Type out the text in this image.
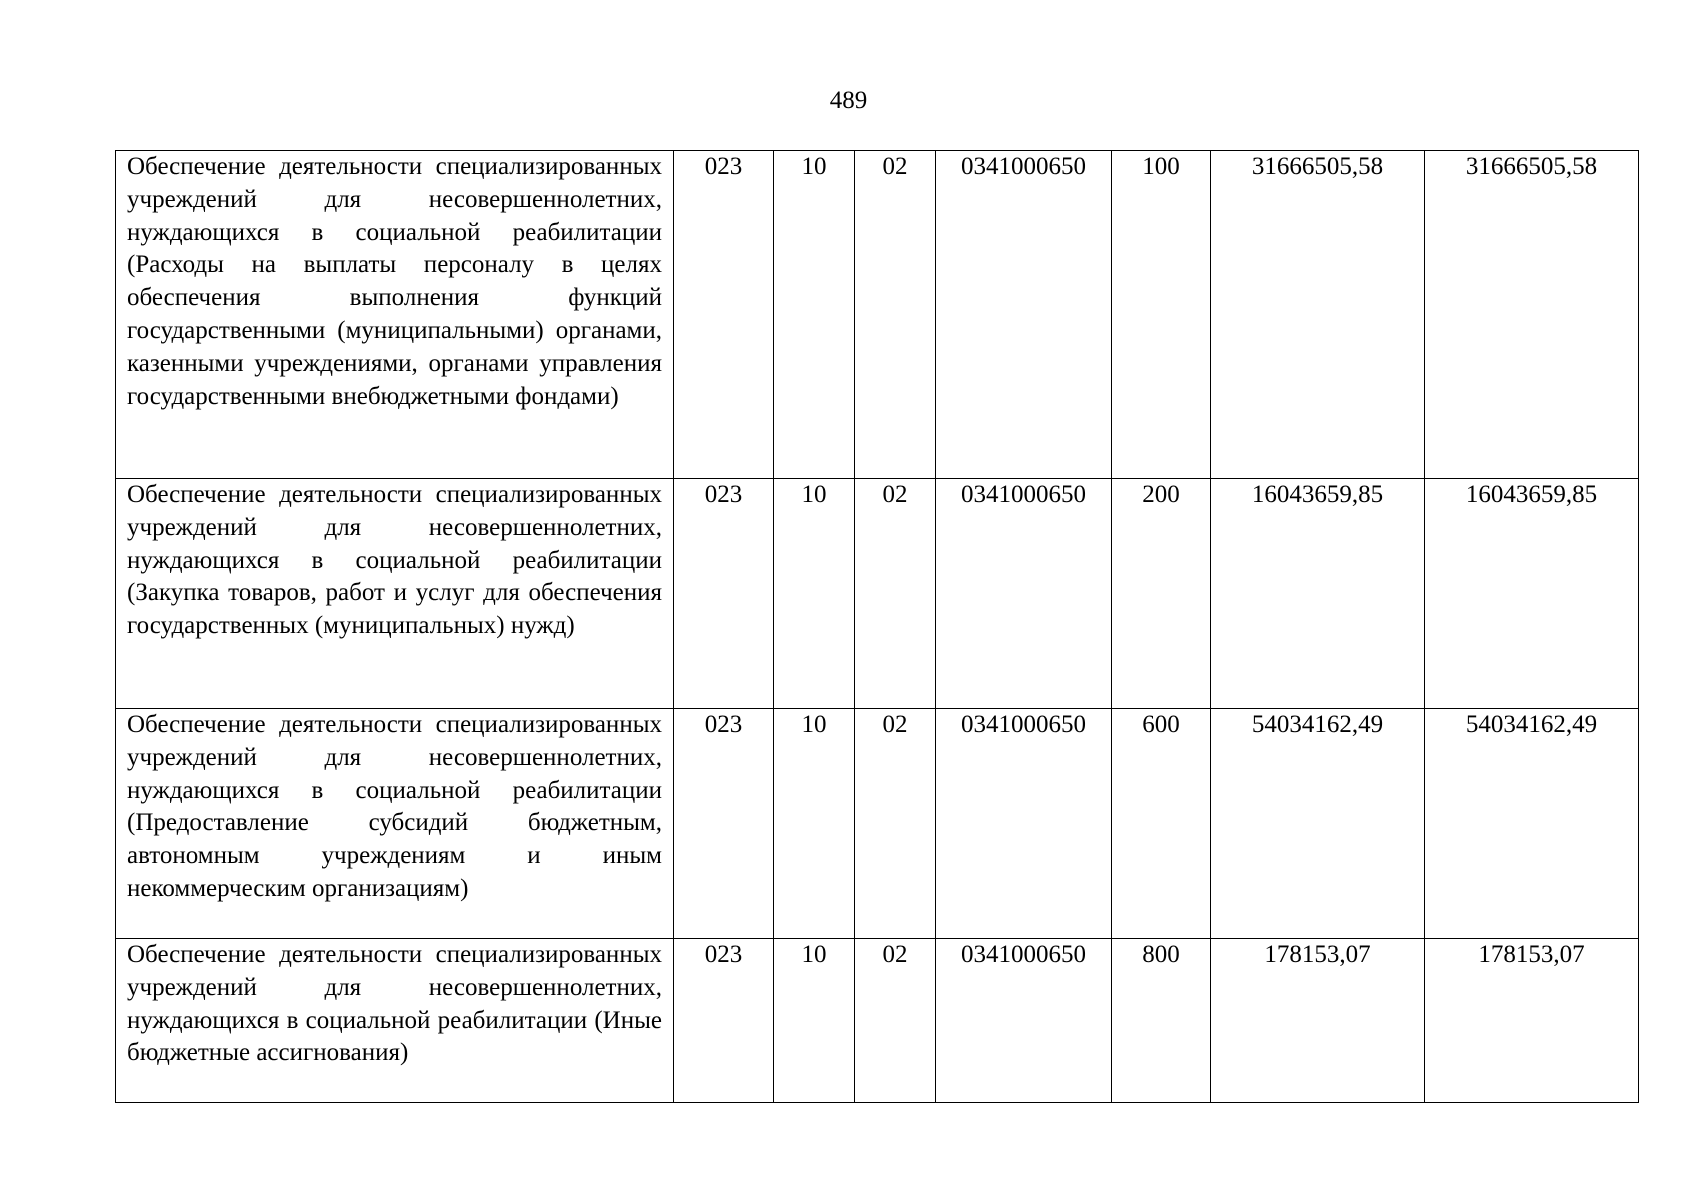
489
Обеспечение деятельности специализированных учреждений для несовершеннолетних, нуждающихся в социальной реабилитации (Расходы на выплаты персоналу в целях обеспечения выполнения функций государственными (муниципальными) органами, казенными учреждениями, органами управления государственными внебюджетными фондами)	023	10	02	0341000650	100	31666505,58	31666505,58
Обеспечение деятельности специализированных учреждений для несовершеннолетних, нуждающихся в социальной реабилитации (Закупка товаров, работ и услуг для обеспечения государственных (муниципальных) нужд)	023	10	02	0341000650	200	16043659,85	16043659,85
Обеспечение деятельности специализированных учреждений для несовершеннолетних, нуждающихся в социальной реабилитации (Предоставление субсидий бюджетным, автономным учреждениям и иным некоммерческим организациям)	023	10	02	0341000650	600	54034162,49	54034162,49
Обеспечение деятельности специализированных учреждений для несовершеннолетних, нуждающихся в социальной реабилитации (Иные бюджетные ассигнования)	023	10	02	0341000650	800	178153,07	178153,07
